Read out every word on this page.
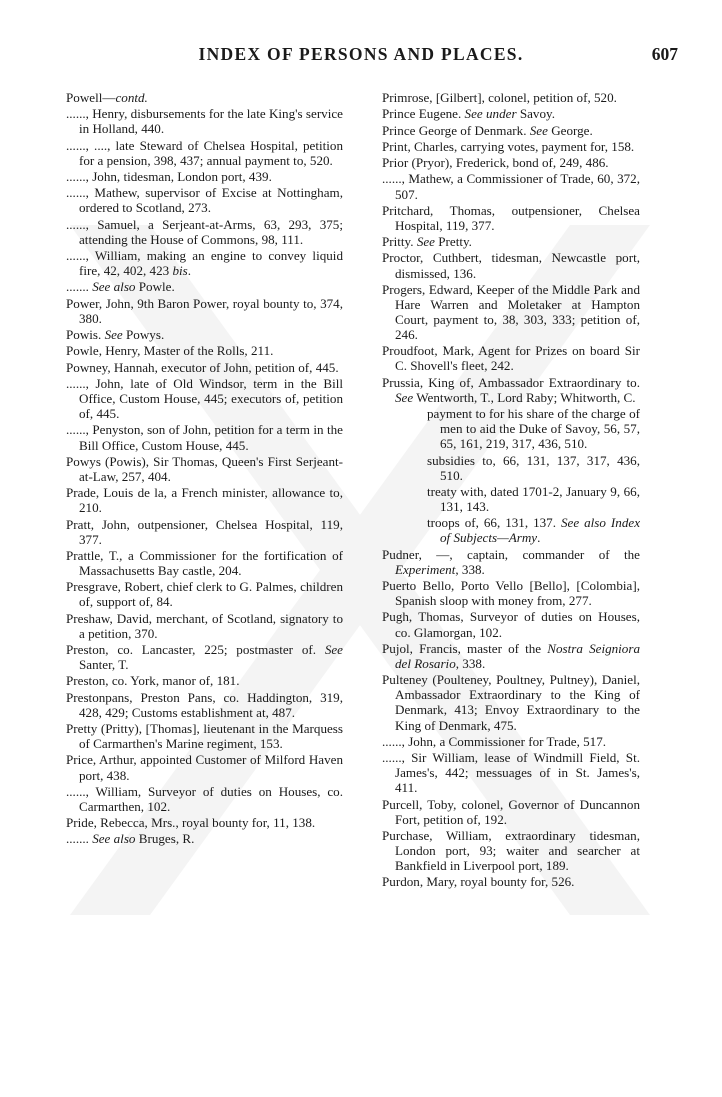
INDEX OF PERSONS AND PLACES.	607

Powell—contd.

......, Henry, disbursements for the late King's service in Holland, 440.

......, ...., late Steward of Chelsea Hospital, petition for a pension, 398, 437; annual payment to, 520.

......, John, tidesman, London port, 439.

......, Mathew, supervisor of Excise at Nottingham, ordered to Scotland, 273.

......, Samuel, a Serjeant-at-Arms, 63, 293, 375; attending the House of Commons, 98, 111.

......, William, making an engine to convey liquid fire, 42, 402, 423 bis.

....... See also Powle.

Power, John, 9th Baron Power, royal bounty to, 374, 380.

Powis. See Powys.

Powle, Henry, Master of the Rolls, 211.

Powney, Hannah, executor of John, petition of, 445.

......, John, late of Old Windsor, term in the Bill Office, Custom House, 445; executors of, petition of, 445.

......, Penyston, son of John, petition for a term in the Bill Office, Custom House, 445.

Powys (Powis), Sir Thomas, Queen's First Serjeant-at-Law, 257, 404.

Prade, Louis de la, a French minister, allowance to, 210.

Pratt, John, outpensioner, Chelsea Hospital, 119, 377.

Prattle, T., a Commissioner for the fortification of Massachusetts Bay castle, 204.

Presgrave, Robert, chief clerk to G. Palmes, children of, support of, 84.

Preshaw, David, merchant, of Scotland, signatory to a petition, 370.

Preston, co. Lancaster, 225; postmaster of. See Santer, T.

Preston, co. York, manor of, 181.

Prestonpans, Preston Pans, co. Haddington, 319, 428, 429; Customs establishment at, 487.

Pretty (Pritty), [Thomas], lieutenant in the Marquess of Carmarthen's Marine regiment, 153.

Price, Arthur, appointed Customer of Milford Haven port, 438.

......, William, Surveyor of duties on Houses, co. Carmarthen, 102.

Pride, Rebecca, Mrs., royal bounty for, 11, 138.

....... See also Bruges, R.

Primrose, [Gilbert], colonel, petition of, 520.

Prince Eugene. See under Savoy.

Prince George of Denmark. See George.

Print, Charles, carrying votes, payment for, 158.

Prior (Pryor), Frederick, bond of, 249, 486.

......, Mathew, a Commissioner of Trade, 60, 372, 507.

Pritchard, Thomas, outpensioner, Chelsea Hospital, 119, 377.

Pritty. See Pretty.

Proctor, Cuthbert, tidesman, Newcastle port, dismissed, 136.

Progers, Edward, Keeper of the Middle Park and Hare Warren and Moletaker at Hampton Court, payment to, 38, 303, 333; petition of, 246.

Proudfoot, Mark, Agent for Prizes on board Sir C. Shovell's fleet, 242.

Prussia, King of, Ambassador Extraordinary to. See Wentworth, T., Lord Raby; Whitworth, C.

payment to for his share of the charge of men to aid the Duke of Savoy, 56, 57, 65, 161, 219, 317, 436, 510.

subsidies to, 66, 131, 137, 317, 436, 510.

treaty with, dated 1701-2, January 9, 66, 131, 143.

troops of, 66, 131, 137. See also Index of Subjects—Army.

Pudner, —, captain, commander of the Experiment, 338.

Puerto Bello, Porto Vello [Bello], [Colombia], Spanish sloop with money from, 277.

Pugh, Thomas, Surveyor of duties on Houses, co. Glamorgan, 102.

Pujol, Francis, master of the Nostra Seigniora del Rosario, 338.

Pulteney (Poulteney, Poultney, Pultney), Daniel, Ambassador Extraordinary to the King of Denmark, 413; Envoy Extraordinary to the King of Denmark, 475.

......, John, a Commissioner for Trade, 517.

......, Sir William, lease of Windmill Field, St. James's, 442; messuages of in St. James's, 411.

Purcell, Toby, colonel, Governor of Duncannon Fort, petition of, 192.

Purchase, William, extraordinary tidesman, London port, 93; waiter and searcher at Bankfield in Liverpool port, 189.

Purdon, Mary, royal bounty for, 526.
